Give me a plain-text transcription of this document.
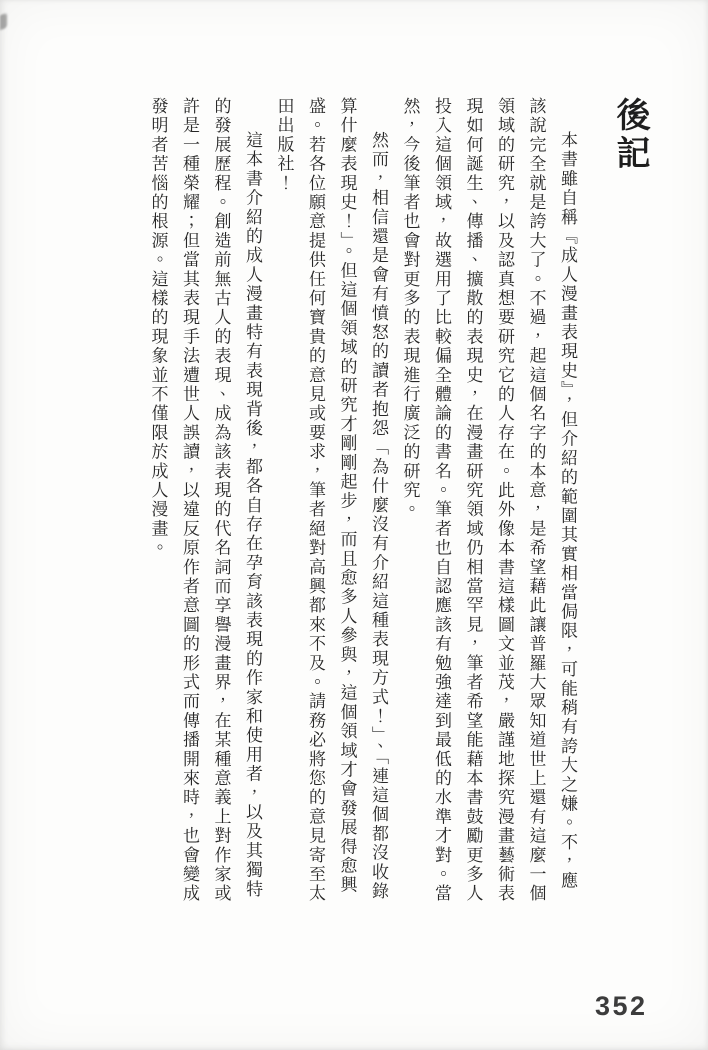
後記

本書雖自稱『成人漫畫表現史』，但介紹的範圍其實相當侷限，可能稍有誇大之嫌。不，應該說完全就是誇大了。不過，起這個名字的本意，是希望藉此讓普羅大眾知道世上還有這麼一個領域的研究，以及認真想要研究它的人存在。此外像本書這樣圖文並茂，嚴謹地探究漫畫藝術表現如何誕生、傳播、擴散的表現史，在漫畫研究領域仍相當罕見，筆者希望能藉本書鼓勵更多人投入這個領域，故選用了比較偏全體論的書名。筆者也自認應該有勉強達到最低的水準才對。當然，今後筆者也會對更多的表現進行廣泛的研究。

然而，相信還是會有憤怒的讀者抱怨「為什麼沒有介紹這種表現方式！」、「連這個都沒收錄算什麼表現史！」。但這個領域的研究才剛剛起步，而且愈多人參與，這個領域才會發展得愈興盛。若各位願意提供任何寶貴的意見或要求，筆者絕對高興都來不及。請務必將您的意見寄至太田出版社！

這本書介紹的成人漫畫特有表現背後，都各自存在孕育該表現的作家和使用者，以及其獨特的發展歷程。創造前無古人的表現、成為該表現的代名詞而享譽漫畫界，在某種意義上對作家或許是一種榮耀；但當其表現手法遭世人誤讀，以違反原作者意圖的形式而傳播開來時，也會變成發明者苦惱的根源。這樣的現象並不僅限於成人漫畫。

352
